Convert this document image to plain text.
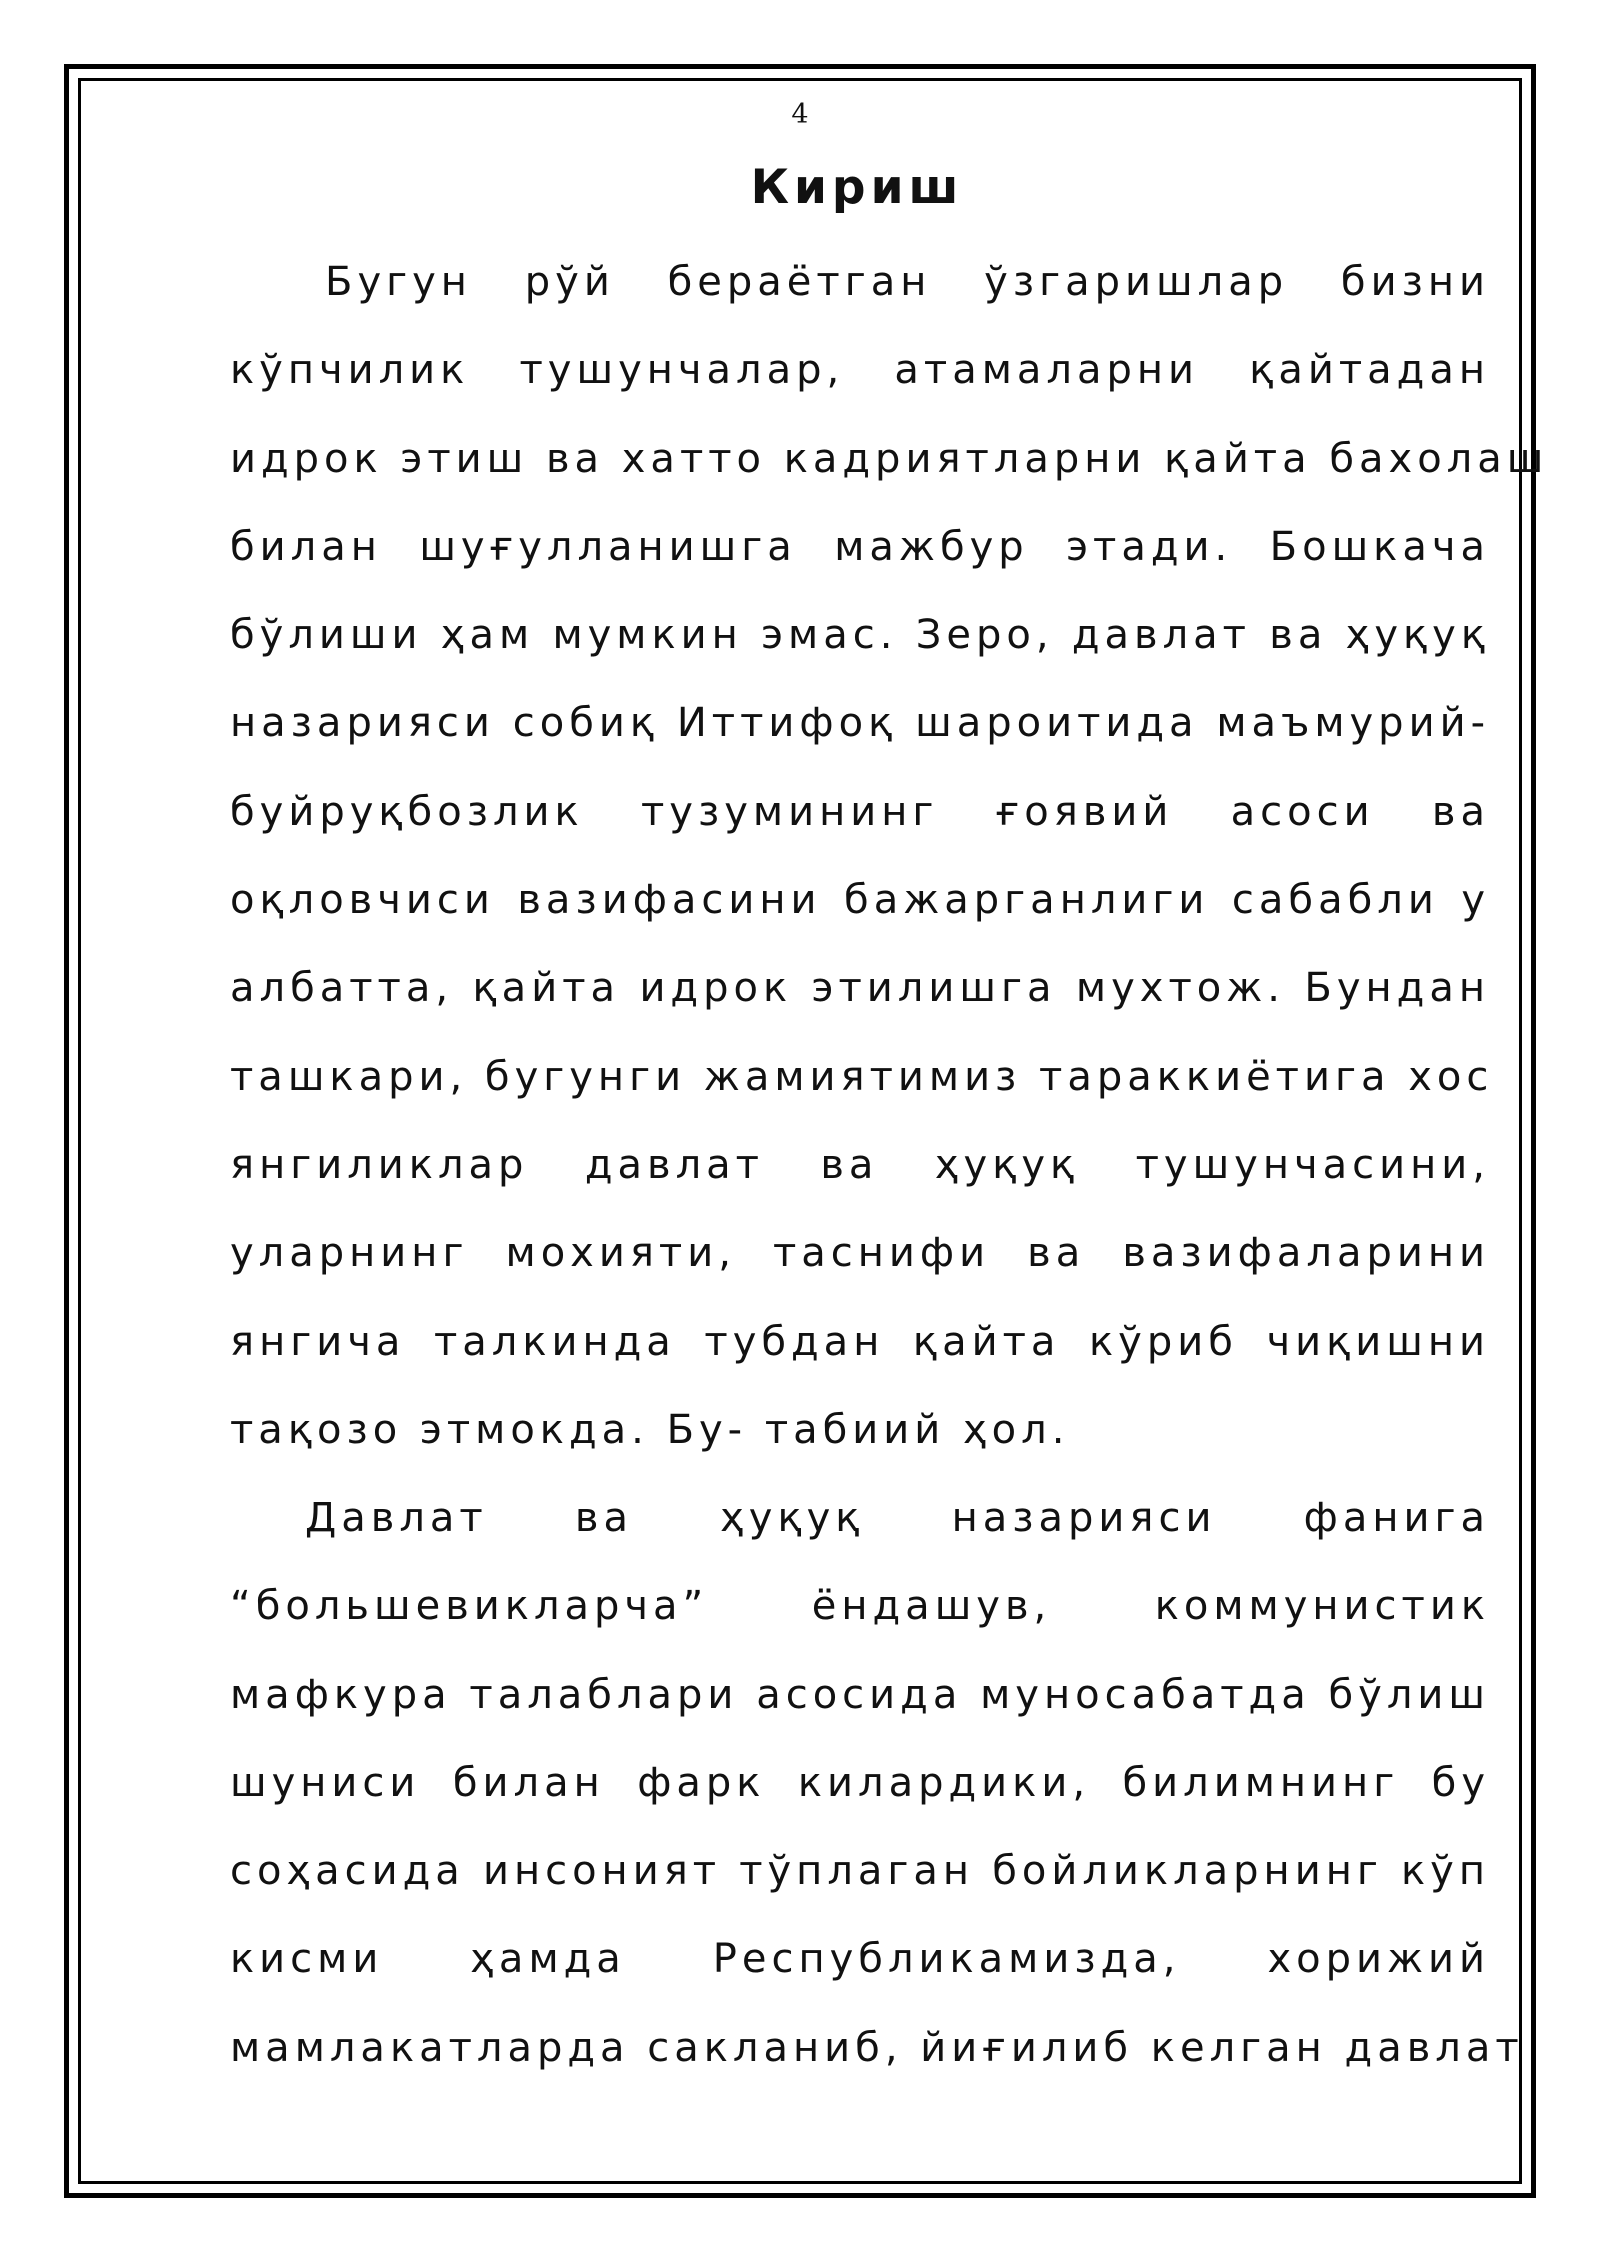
4
Кириш
Бугун рўй бераётган ўзгаришлар бизни
кўпчилик тушунчалар, атамаларни қайтадан
идрок этиш ва хатто кадриятларни қайта бахолаш
билан шуғулланишга мажбур этади. Бошкача
бўлиши ҳам мумкин эмас. Зеро, давлат ва ҳуқуқ
назарияси собиқ Иттифоқ шароитида маъмурий-
буйруқбозлик тузумининг ғоявий асоси ва
оқловчиси вазифасини бажарганлиги сабабли у
албатта, қайта идрок этилишга мухтож. Бундан
ташкари, бугунги жамиятимиз тараккиётига хос
янгиликлар давлат ва ҳуқуқ тушунчасини,
уларнинг мохияти, таснифи ва вазифаларини
янгича талкинда тубдан қайта кўриб чиқишни
тақозо этмокда. Бу- табиий ҳол.
Давлат ва ҳуқуқ назарияси фанига
“большевикларча” ёндашув, коммунистик
мафкура талаблари асосида муносабатда бўлиш
шуниси билан фарк килардики, билимнинг бу
соҳасида инсоният тўплаган бойликларнинг кўп
кисми ҳамда Республикамизда, хорижий
мамлакатларда сакланиб, йиғилиб келган давлат
